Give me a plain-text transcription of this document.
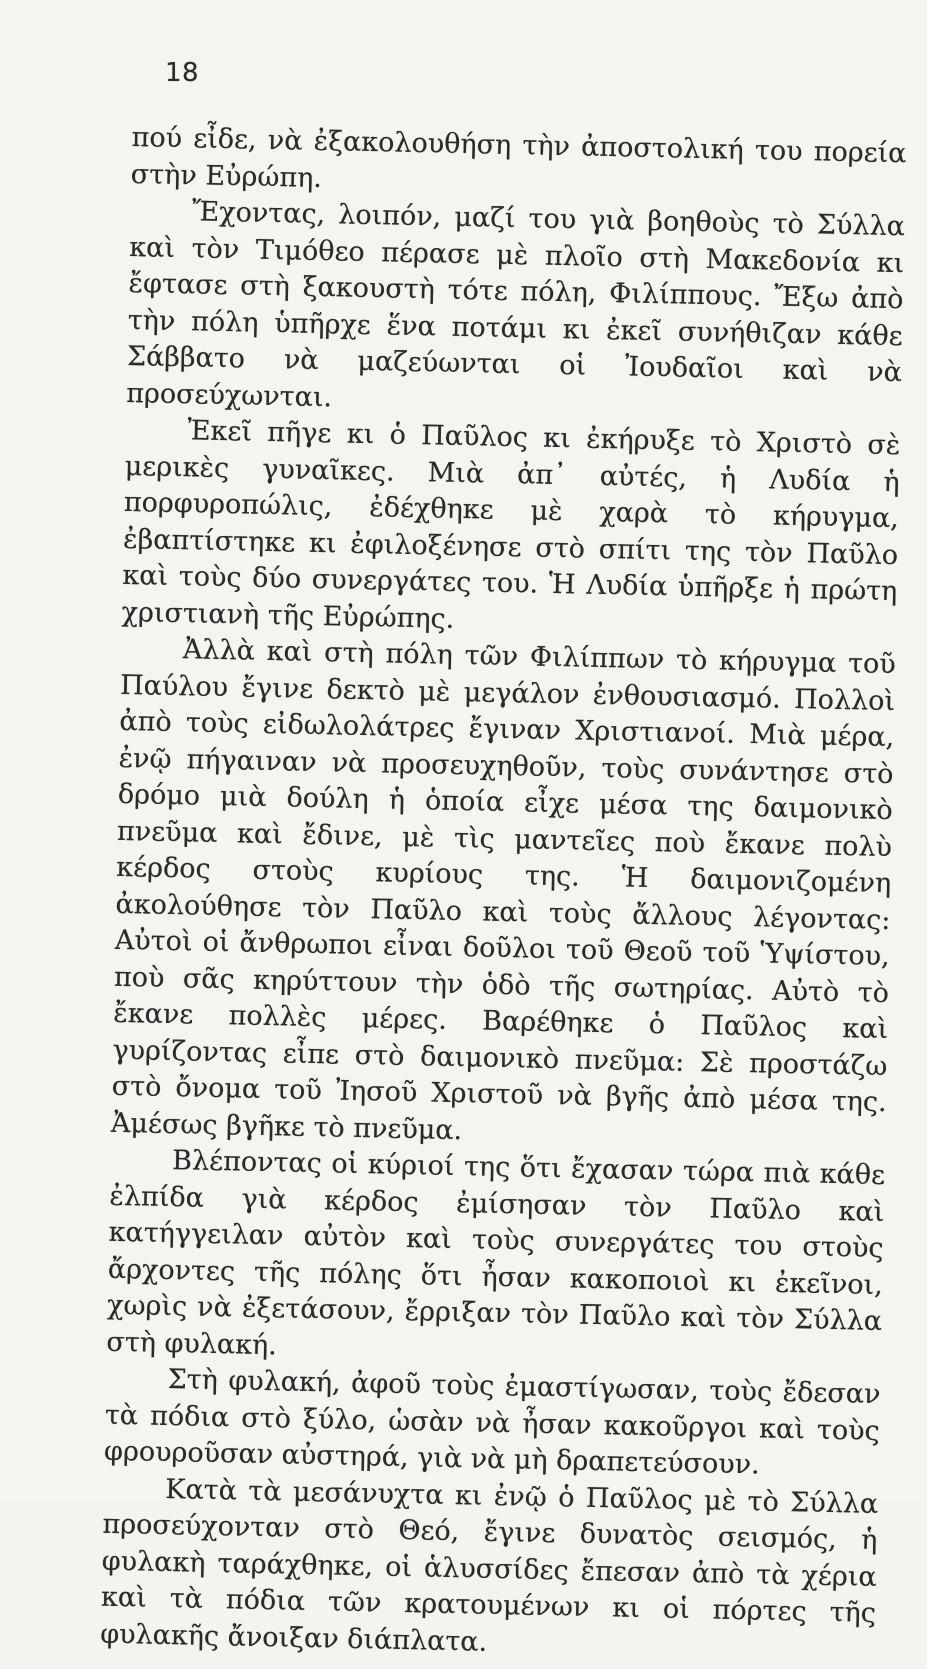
18

πού εἶδε, νὰ ἐξακολουθήση τὴν ἀποστολική του πορεία στὴν Εὐρώπη.

Ἔχοντας, λοιπόν, μαζί του γιὰ βοηθοὺς τὸ Σύλλα καὶ τὸν Τιμόθεο πέρασε μὲ πλοῖο στὴ Μακεδονία κι ἔφτασε στὴ ξακουστὴ τότε πόλη, Φιλίππους. Ἔξω ἀπὸ τὴν πόλη ὑπῆρχε ἕνα ποτάμι κι ἐκεῖ συνήθιζαν κάθε Σάββατο νὰ μαζεύωνται οἱ Ἰουδαῖοι καὶ νὰ προσεύχωνται.

Ἐκεῖ πῆγε κι ὁ Παῦλος κι ἐκήρυξε τὸ Χριστὸ σὲ μερικὲς γυναῖκες. Μιὰ ἀπ᾽ αὐτές, ἡ Λυδία ἡ πορφυροπώλις, ἐδέχθηκε μὲ χαρὰ τὸ κήρυγμα, ἐβαπτίστηκε κι ἐφιλοξένησε στὸ σπίτι της τὸν Παῦλο καὶ τοὺς δύο συνεργάτες του. Ἡ Λυδία ὑπῆρξε ἡ πρώτη χριστιανὴ τῆς Εὐρώπης.

Ἀλλὰ καὶ στὴ πόλη τῶν Φιλίππων τὸ κήρυγμα τοῦ Παύλου ἔγινε δεκτὸ μὲ μεγάλον ἐνθουσιασμό. Πολλοὶ ἀπὸ τοὺς εἰδωλολάτρες ἔγιναν Χριστιανοί. Μιὰ μέρα, ἐνῷ πήγαιναν νὰ προσευχηθοῦν, τοὺς συνάντησε στὸ δρόμο μιὰ δούλη ἡ ὁποία εἶχε μέσα της δαιμονικὸ πνεῦμα καὶ ἔδινε, μὲ τὶς μαντεῖες ποὺ ἔκανε πολὺ κέρδος στοὺς κυρίους της. Ἡ δαιμονιζομένη ἀκολούθησε τὸν Παῦλο καὶ τοὺς ἄλλους λέγοντας: Αὐτοὶ οἱ ἄνθρωποι εἶναι δοῦλοι τοῦ Θεοῦ τοῦ Ὑψίστου, ποὺ σᾶς κηρύττουν τὴν ὁδὸ τῆς σωτηρίας. Αὐτὸ τὸ ἔκανε πολλὲς μέρες. Βαρέθηκε ὁ Παῦλος καὶ γυρίζοντας εἶπε στὸ δαιμονικὸ πνεῦμα: Σὲ προστάζω στὸ ὄνομα τοῦ Ἰησοῦ Χριστοῦ νὰ βγῆς ἀπὸ μέσα της. Ἀμέσως βγῆκε τὸ πνεῦμα.

Βλέποντας οἱ κύριοί της ὅτι ἔχασαν τώρα πιὰ κάθε ἐλπίδα γιὰ κέρδος ἐμίσησαν τὸν Παῦλο καὶ κατήγγειλαν αὐτὸν καὶ τοὺς συνεργάτες του στοὺς ἄρχοντες τῆς πόλης ὅτι ἦσαν κακοποιοὶ κι ἐκεῖνοι, χωρὶς νὰ ἐξετάσουν, ἔρριξαν τὸν Παῦλο καὶ τὸν Σύλλα στὴ φυλακή.

Στὴ φυλακή, ἀφοῦ τοὺς ἐμαστίγωσαν, τοὺς ἔδεσαν τὰ πόδια στὸ ξύλο, ὡσὰν νὰ ἦσαν κακοῦργοι καὶ τοὺς φρουροῦσαν αὐστηρά, γιὰ νὰ μὴ δραπετεύσουν.

Κατὰ τὰ μεσάνυχτα κι ἐνῷ ὁ Παῦλος μὲ τὸ Σύλλα προσεύχονταν στὸ Θεό, ἔγινε δυνατὸς σεισμός, ἡ φυλακὴ ταράχθηκε, οἱ ἁλυσσίδες ἔπεσαν ἀπὸ τὰ χέρια καὶ τὰ πόδια τῶν κρατουμένων κι οἱ πόρτες τῆς φυλακῆς ἄνοιξαν διάπλατα.
